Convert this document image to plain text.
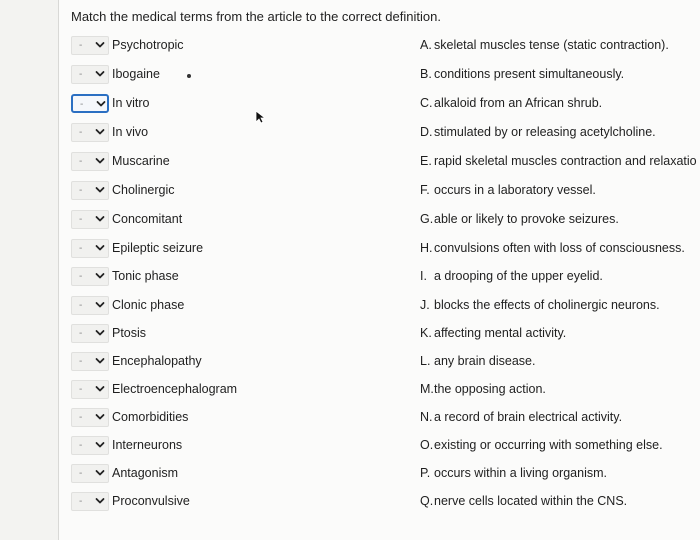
Match the medical terms from the article to the correct definition.
- Psychotropic
- Ibogaine
- In vitro
- In vivo
- Muscarine
- Cholinergic
- Concomitant
- Epileptic seizure
- Tonic phase
- Clonic phase
- Ptosis
- Encephalopathy
- Electroencephalogram
- Comorbidities
- Interneurons
- Antagonism
- Proconvulsive
A. skeletal muscles tense (static contraction).
B. conditions present simultaneously.
C. alkaloid from an African shrub.
D. stimulated by or releasing acetylcholine.
E. rapid skeletal muscles contraction and relaxatio
F. occurs in a laboratory vessel.
G. able or likely to provoke seizures.
H. convulsions often with loss of consciousness.
I. a drooping of the upper eyelid.
J. blocks the effects of cholinergic neurons.
K. affecting mental activity.
L. any brain disease.
M. the opposing action.
N. a record of brain electrical activity.
O. existing or occurring with something else.
P. occurs within a living organism.
Q. nerve cells located within the CNS.
